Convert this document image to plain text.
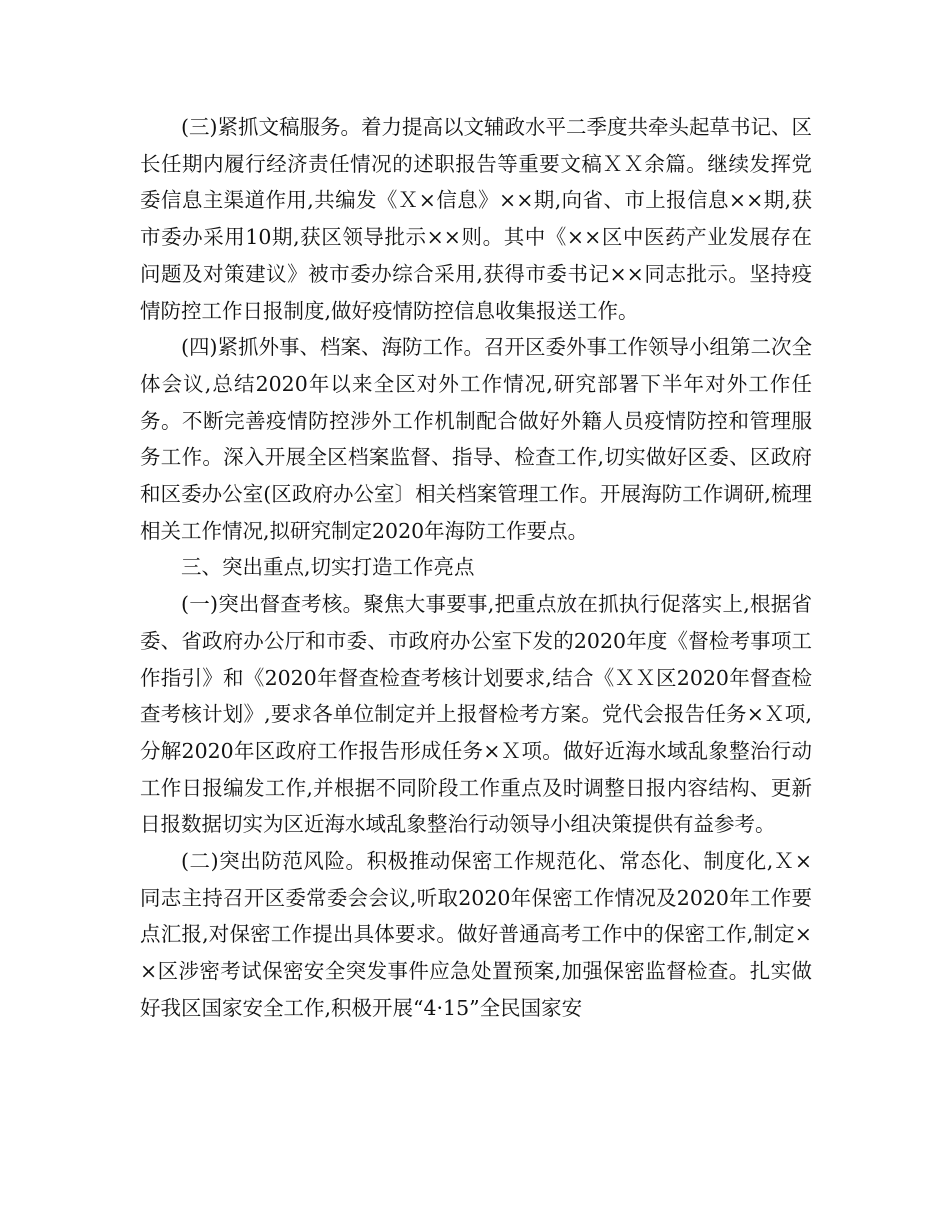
(三)紧抓文稿服务。着力提高以文辅政水平二季度共牵头起草书记、区长任期内履行经济责任情况的述职报告等重要文稿ＸＸ余篇。继续发挥党委信息主渠道作用,共编发《Ｘ×信息》××期,向省、市上报信息××期,获市委办采用10期,获区领导批示××则。其中《××区中医药产业发展存在问题及对策建议》被市委办综合采用,获得市委书记××同志批示。坚持疫情防控工作日报制度,做好疫情防控信息收集报送工作。

(四)紧抓外事、档案、海防工作。召开区委外事工作领导小组第二次全体会议,总结2020年以来全区对外工作情况,研究部署下半年对外工作任务。不断完善疫情防控涉外工作机制配合做好外籍人员疫情防控和管理服务工作。深入开展全区档案监督、指导、检查工作,切实做好区委、区政府和区委办公室(区政府办公室〕相关档案管理工作。开展海防工作调研,梳理相关工作情况,拟研究制定2020年海防工作要点。

三、突出重点,切实打造工作亮点

(一)突出督查考核。聚焦大事要事,把重点放在抓执行促落实上,根据省委、省政府办公厅和市委、市政府办公室下发的2020年度《督检考事项工作指引》和《2020年督查检查考核计划要求,结合《ＸＸ区2020年督查检查考核计划》,要求各单位制定并上报督检考方案。党代会报告任务×Ｘ项,分解2020年区政府工作报告形成任务×Ｘ项。做好近海水域乱象整治行动工作日报编发工作,并根据不同阶段工作重点及时调整日报内容结构、更新日报数据切实为区近海水域乱象整治行动领导小组决策提供有益参考。

(二)突出防范风险。积极推动保密工作规范化、常态化、制度化,Ｘ×同志主持召开区委常委会会议,听取2020年保密工作情况及2020年工作要点汇报,对保密工作提出具体要求。做好普通高考工作中的保密工作,制定××区涉密考试保密安全突发事件应急处置预案,加强保密监督检查。扎实做好我区国家安全工作,积极开展“4·15”全民国家安
